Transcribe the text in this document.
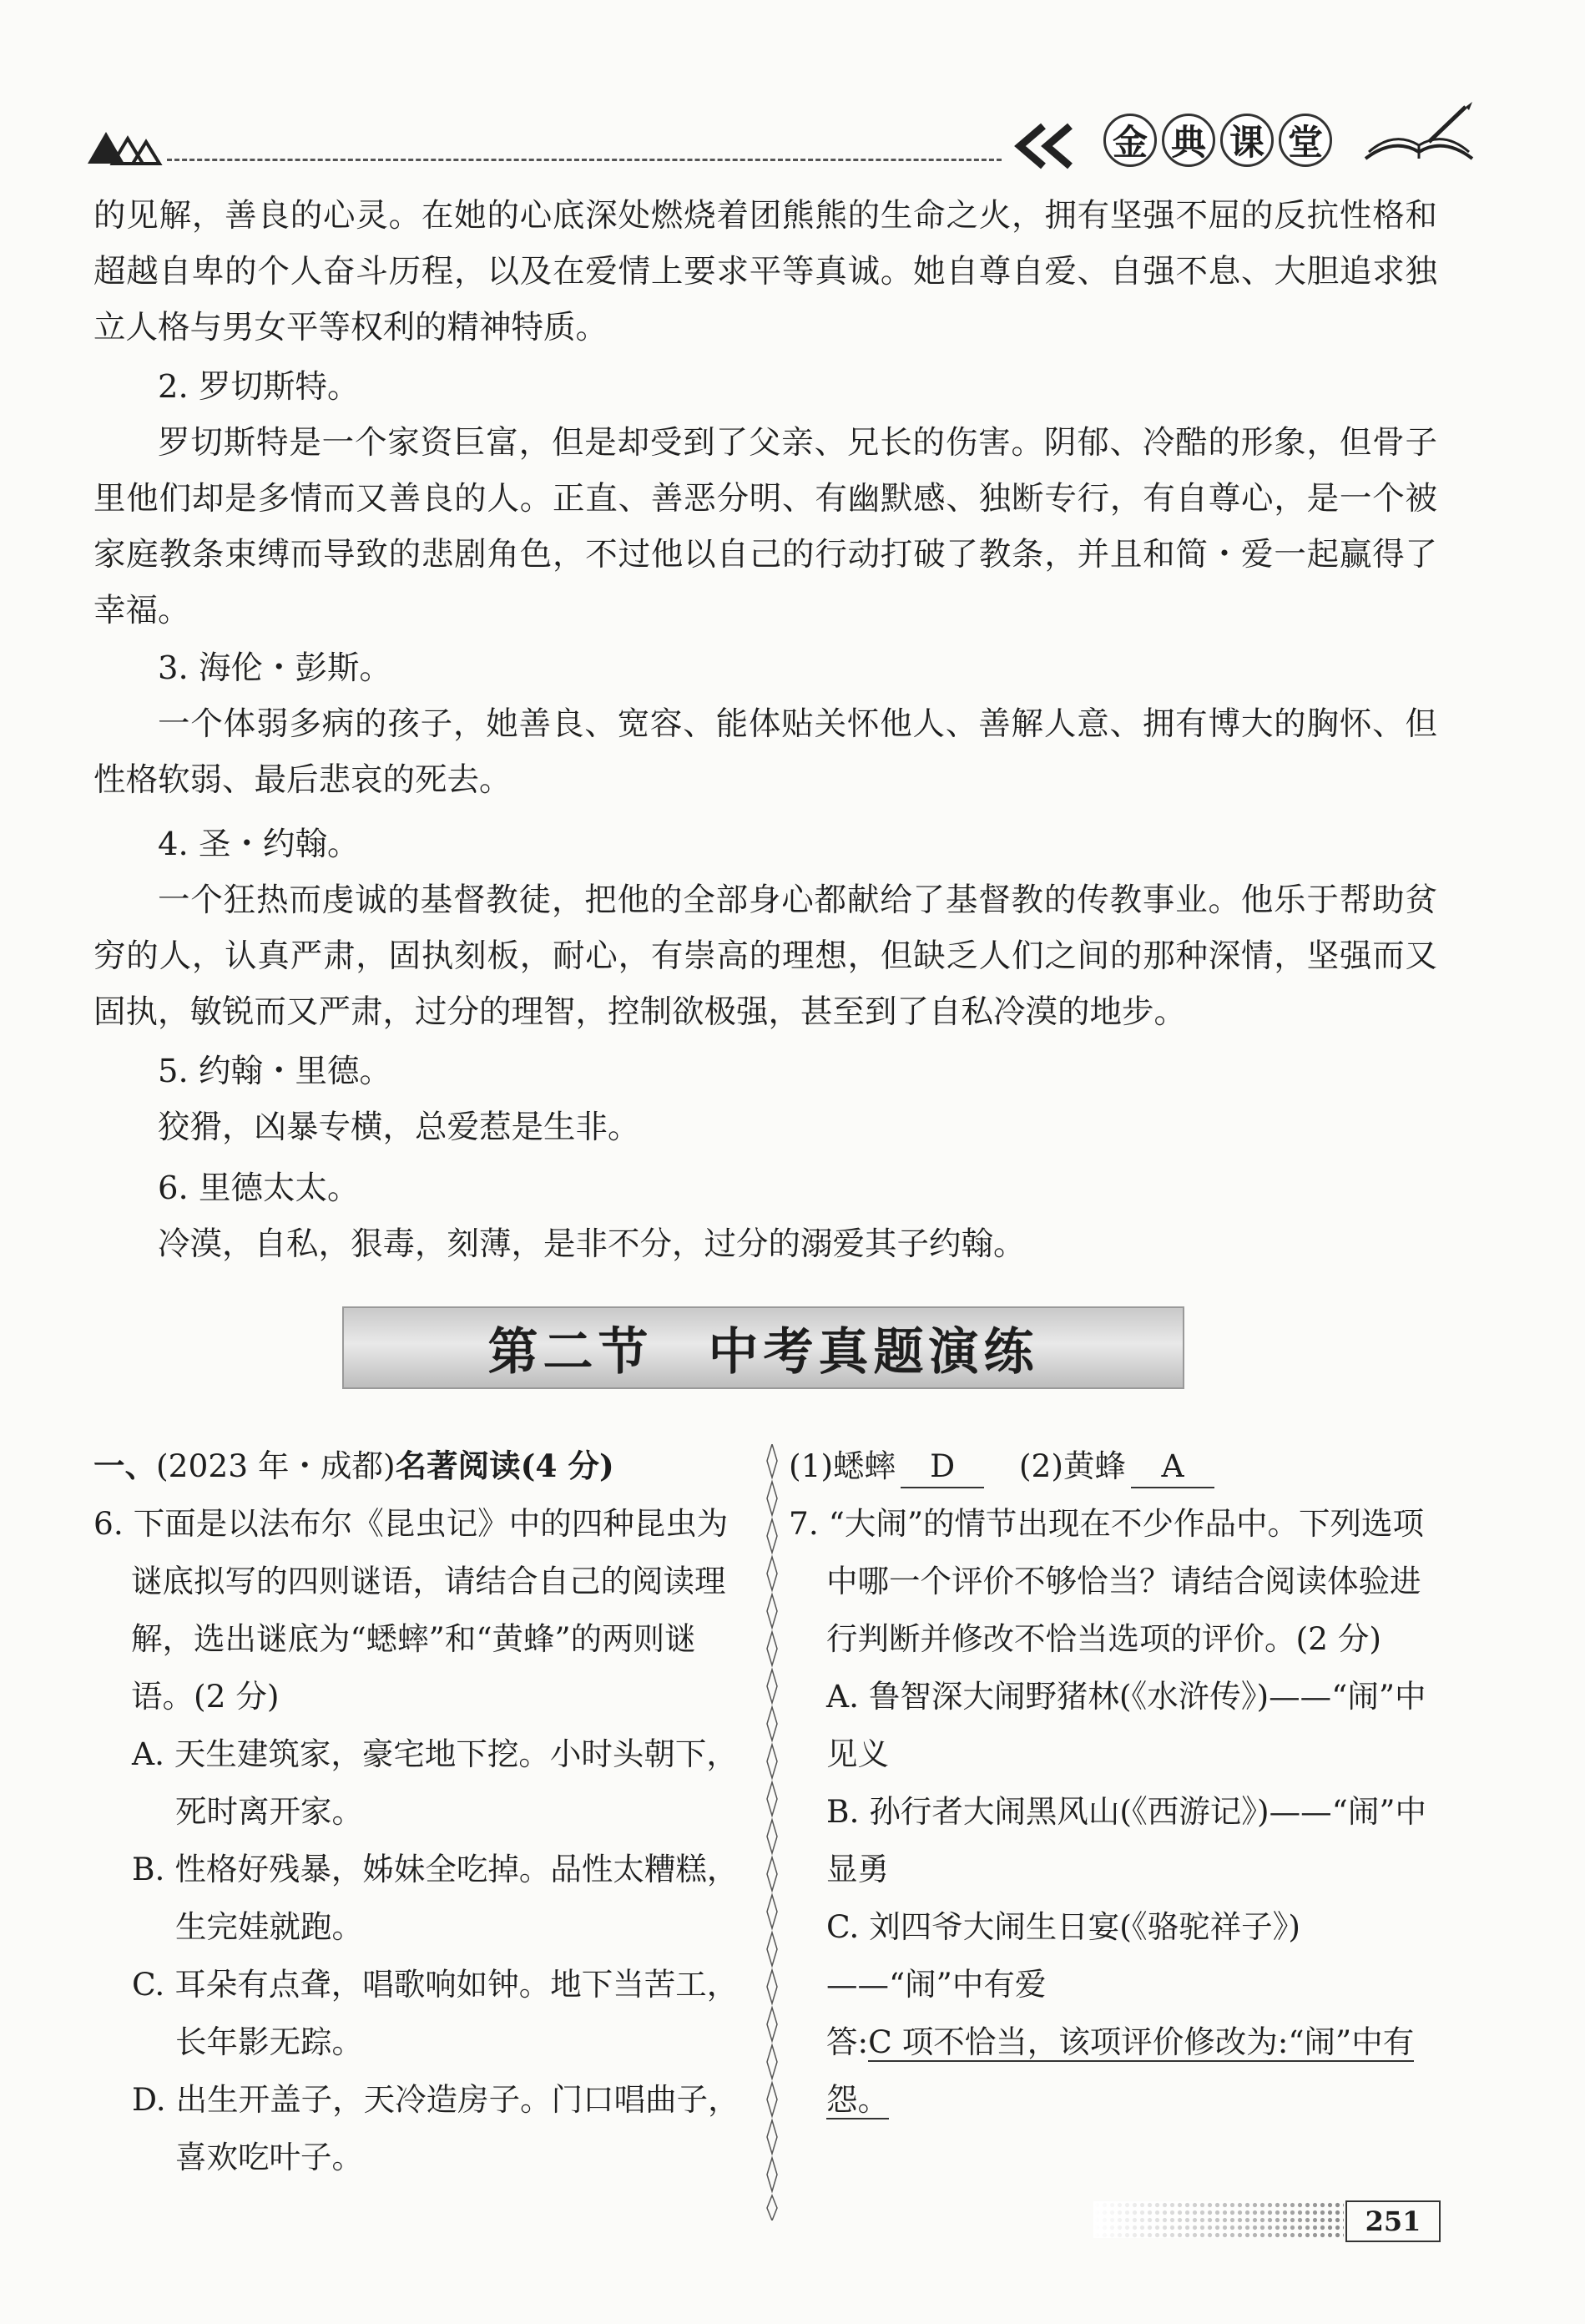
金 典 课 堂

的见解，善良的心灵。在她的心底深处燃烧着团熊熊的生命之火，拥有坚强不屈的反抗性格和超越自卑的个人奋斗历程，以及在爱情上要求平等真诚。她自尊自爱、自强不息、大胆追求独立人格与男女平等权利的精神特质。

2. 罗切斯特。

罗切斯特是一个家资巨富，但是却受到了父亲、兄长的伤害。阴郁、冷酷的形象，但骨子里他们却是多情而又善良的人。正直、善恶分明、有幽默感、独断专行，有自尊心，是一个被家庭教条束缚而导致的悲剧角色，不过他以自己的行动打破了教条，并且和简・爱一起赢得了幸福。

3. 海伦・彭斯。

一个体弱多病的孩子，她善良、宽容、能体贴关怀他人、善解人意、拥有博大的胸怀、但性格软弱、最后悲哀的死去。

4. 圣・约翰。

一个狂热而虔诚的基督教徒，把他的全部身心都献给了基督教的传教事业。他乐于帮助贫穷的人，认真严肃，固执刻板，耐心，有崇高的理想，但缺乏人们之间的那种深情，坚强而又固执，敏锐而又严肃，过分的理智，控制欲极强，甚至到了自私冷漠的地步。

5. 约翰・里德。

狡猾，凶暴专横，总爱惹是生非。

6. 里德太太。

冷漠，自私，狠毒，刻薄，是非不分，过分的溺爱其子约翰。

第二节　中考真题演练

一、(2023 年・成都)名著阅读(4 分)

6. 下面是以法布尔《昆虫记》中的四种昆虫为谜底拟写的四则谜语，请结合自己的阅读理解，选出谜底为“蟋蟀”和“黄蜂”的两则谜语。(2 分)

A. 天生建筑家，豪宅地下挖。小时头朝下，死时离开家。

B. 性格好残暴，姊妹全吃掉。品性太糟糕，生完娃就跑。

C. 耳朵有点聋，唱歌响如钟。地下当苦工，长年影无踪。

D. 出生开盖子，天冷造房子。门口唱曲子，喜欢吃叶子。

(1)蟋蟀 D (2)黄蜂 A

7. “大闹”的情节出现在不少作品中。下列选项中哪一个评价不够恰当？请结合阅读体验进行判断并修改不恰当选项的评价。(2 分)

A. 鲁智深大闹野猪林(《水浒传》)——“闹”中见义

B. 孙行者大闹黑风山(《西游记》)——“闹”中显勇

C. 刘四爷大闹生日宴(《骆驼祥子》)——“闹”中有爱

答:C 项不恰当，该项评价修改为:“闹”中有怨。

251
